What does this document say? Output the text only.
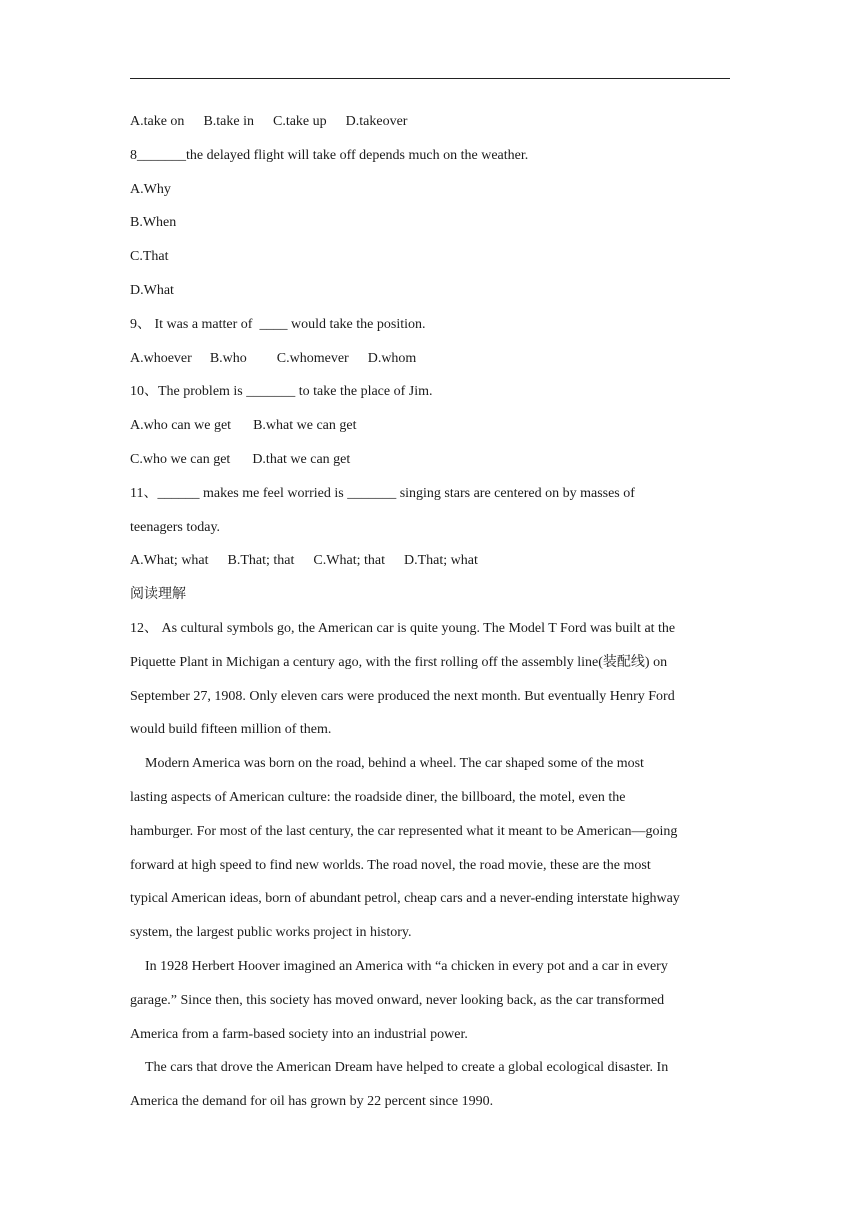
A.take on B.take in C.take up D.takeover
8_______the delayed flight will take off depends much on the weather.
A.Why
B.When
C.That
D.What
9、 It was a matter of  ____ would take the position.
A.whoever B.who C.whomever D.whom
10、The problem is _______ to take the place of Jim.
A.who can we get B.what we can get
C.who we can get D.that we can get
11、______ makes me feel worried is _______ singing stars are centered on by masses of
teenagers today.
A.What; what B.That; that C.What; that D.That; what
阅读理解
12、 As cultural symbols go, the American car is quite young. The Model T Ford was built at the
Piquette Plant in Michigan a century ago, with the first rolling off the assembly line(装配线) on
September 27, 1908. Only eleven cars were produced the next month. But eventually Henry Ford
would build fifteen million of them.
Modern America was born on the road, behind a wheel. The car shaped some of the most
lasting aspects of American culture: the roadside diner, the billboard, the motel, even the
hamburger. For most of the last century, the car represented what it meant to be American—going
forward at high speed to find new worlds. The road novel, the road movie, these are the most
typical American ideas, born of abundant petrol, cheap cars and a never-ending interstate highway
system, the largest public works project in history.
In 1928 Herbert Hoover imagined an America with “a chicken in every pot and a car in every
garage.” Since then, this society has moved onward, never looking back, as the car transformed
America from a farm-based society into an industrial power.
The cars that drove the American Dream have helped to create a global ecological disaster. In
America the demand for oil has grown by 22 percent since 1990.
